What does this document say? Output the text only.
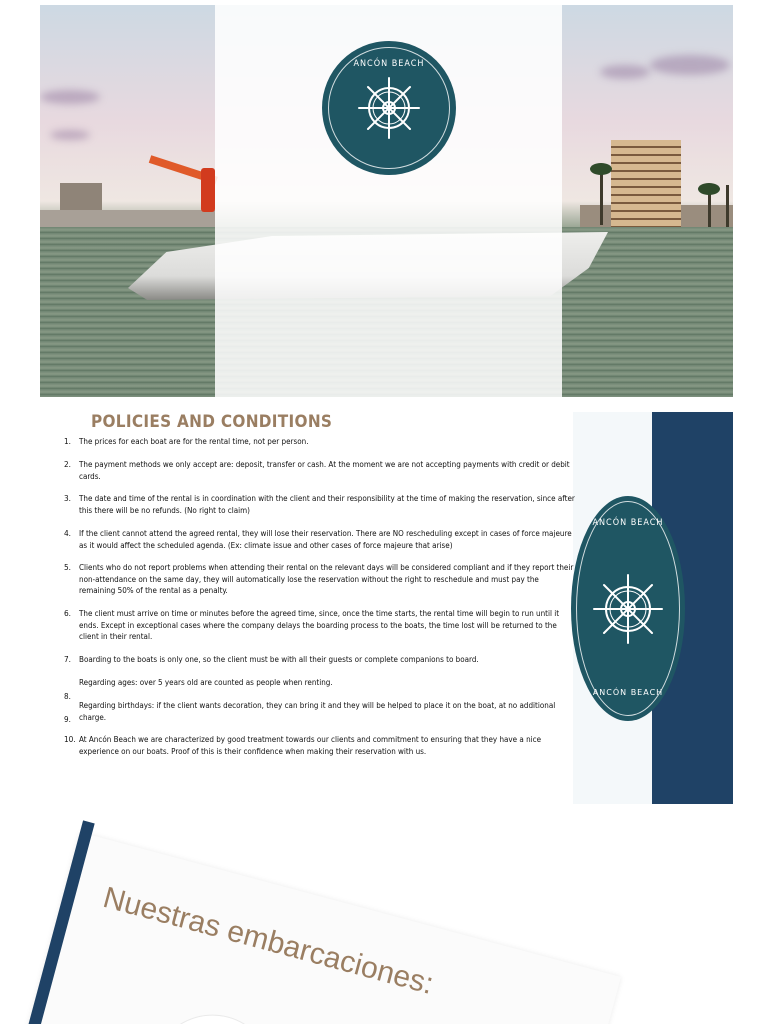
ANCÓN BEACH
ANCÓN BEACH
ANCÓN BEACH
POLICIES AND CONDITIONS
1. The prices for each boat are for the rental time, not per person.
2. The payment methods we only accept are: deposit, transfer or cash. At the moment we are not accepting payments with credit or debit cards.
3. The date and time of the rental is in coordination with the client and their responsibility at the time of making the reservation, since after this there will be no refunds. (No right to claim)
4. If the client cannot attend the agreed rental, they will lose their reservation. There are NO rescheduling except in cases of force majeure as it would affect the scheduled agenda. (Ex: climate issue and other cases of force majeure that arise)
5. Clients who do not report problems when attending their rental on the relevant days will be considered compliant and if they report their non-attendance on the same day, they will automatically lose the reservation without the right to reschedule and must pay the remaining 50% of the rental as a penalty.
6. The client must arrive on time or minutes before the agreed time, since, once the time starts, the rental time will begin to run until it ends. Except in exceptional cases where the company delays the boarding process to the boats, the time lost will be returned to the client in their rental.
7. Boarding to the boats is only one, so the client must be with all their guests or complete companions to board.
Regarding ages: over 5 years old are counted as people when renting.
Regarding birthdays: if the client wants decoration, they can bring it and they will be helped to place it on the boat, at no additional charge.
10. At Ancón Beach we are characterized by good treatment towards our clients and commitment to ensuring that they have a nice experience on our boats. Proof of this is their confidence when making their reservation with us.
8.
9.
Nuestras embarcaciones:
